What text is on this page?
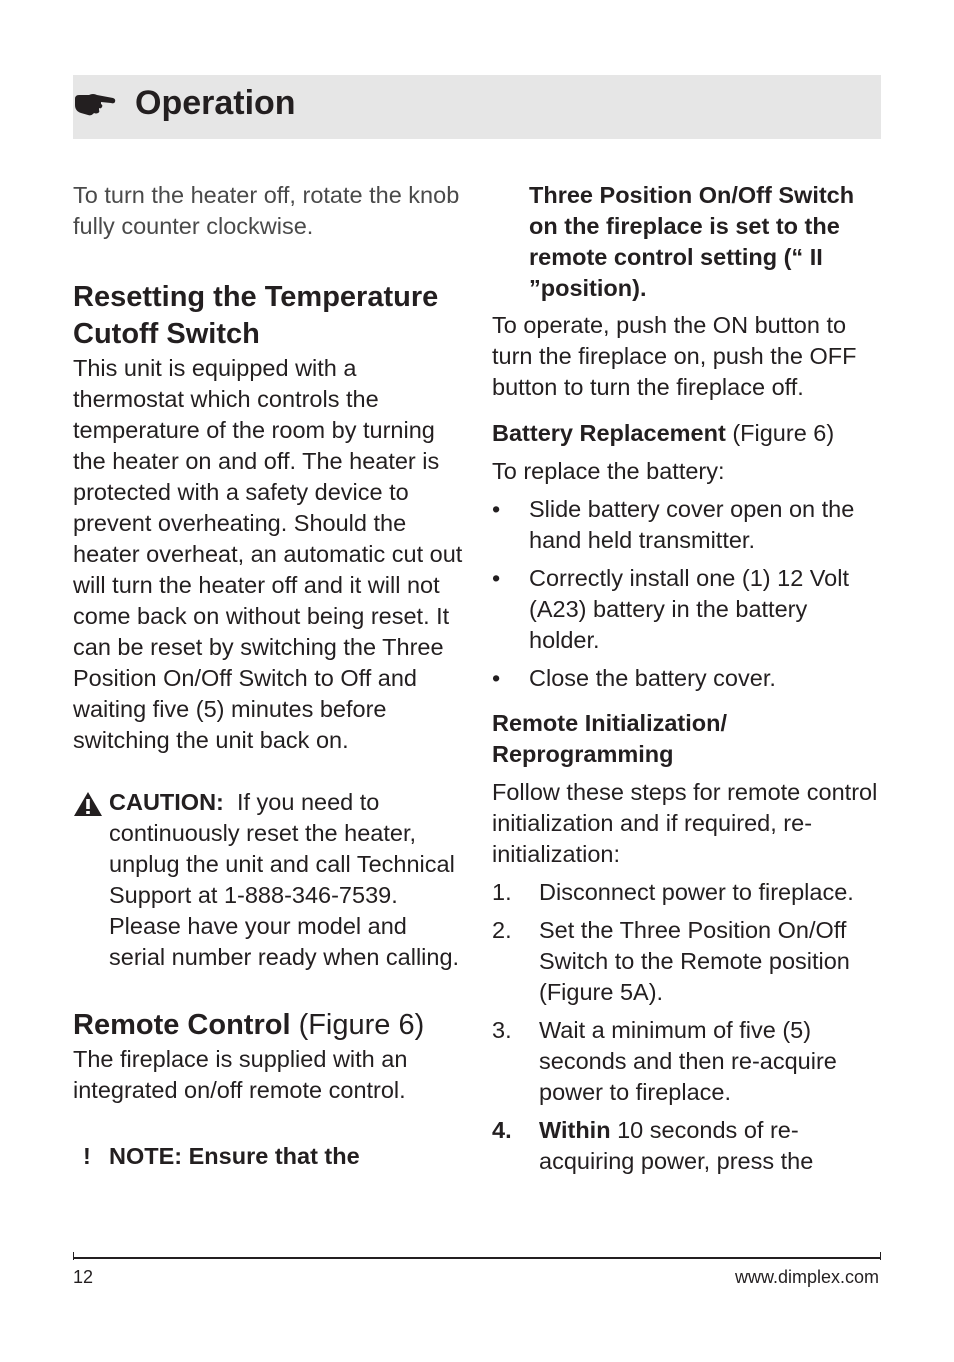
Operation

To turn the heater off, rotate the knob fully counter clockwise.

Resetting the Temperature
Cutoff Switch

This unit is equipped with a thermostat which controls the temperature of the room by turning the heater on and off. The heater is protected with a safety device to prevent overheating. Should the heater overheat, an automatic cut out will turn the heater off and it will not come back on without being reset. It can be reset by switching the Three Position On/Off Switch to Off and waiting five (5) minutes before switching the unit back on.

CAUTION: If you need to continuously reset the heater, unplug the unit and call Technical Support at 1-888-346-7539. Please have your model and serial number ready when calling.

Remote Control (Figure 6)

The fireplace is supplied with an integrated on/off remote control.

! NOTE: Ensure that the

Three Position On/Off Switch on the fireplace is set to the remote control setting (“ II ”position).

To operate, push the ON button to turn the fireplace on, push the OFF button to turn the fireplace off.

Battery Replacement (Figure 6)

To replace the battery:

• Slide battery cover open on the hand held transmitter.
• Correctly install one (1) 12 Volt (A23) battery in the battery holder.
• Close the battery cover.
Remote Initialization/
Reprogramming

Follow these steps for remote control initialization and if required, re-initialization:

1. Disconnect power to fireplace.
2. Set the Three Position On/Off Switch to the Remote position (Figure 5A).
3. Wait a minimum of five (5) seconds and then re-acquire power to fireplace.
4. Within 10 seconds of re-acquiring power, press the
12	www.dimplex.com
